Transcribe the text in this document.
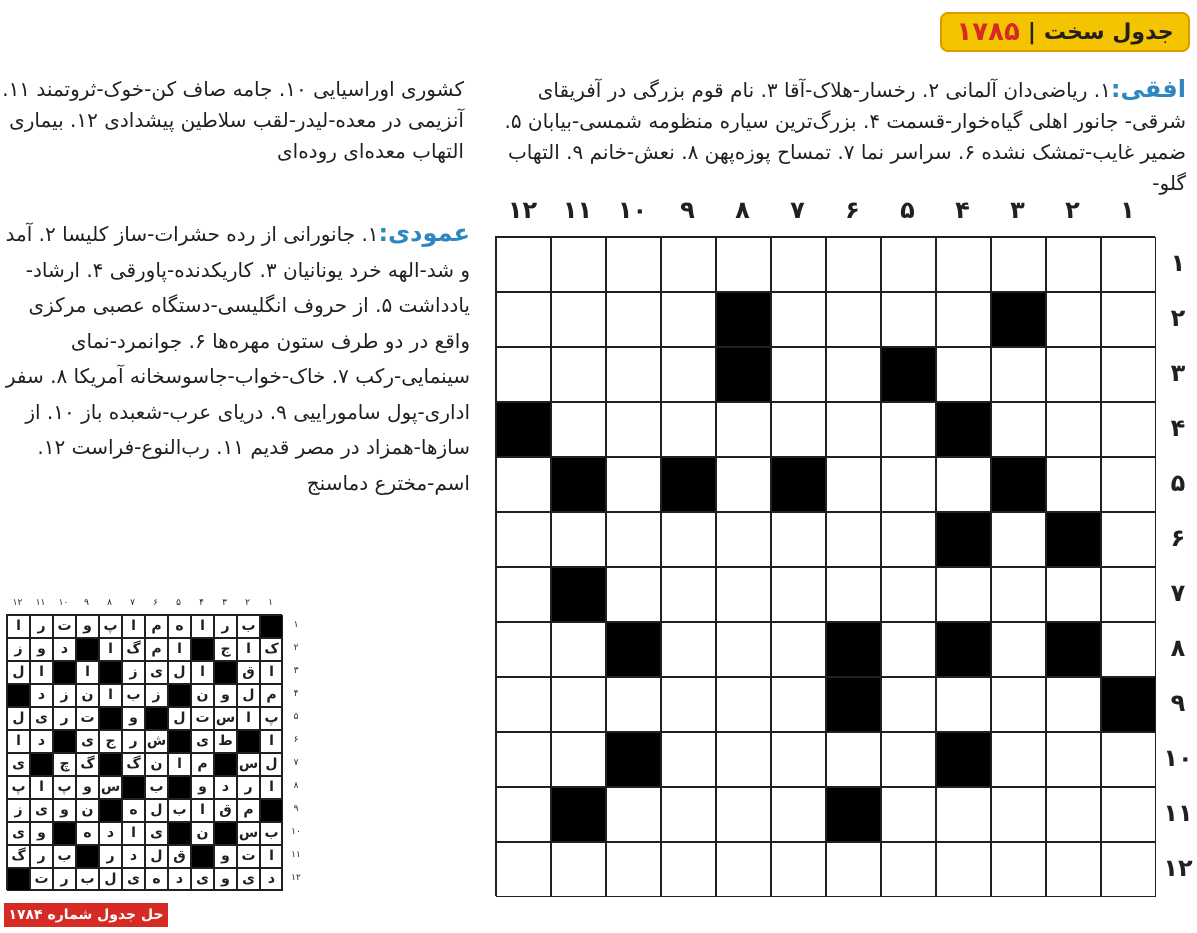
جدول سخت
|
۱۷۸۵

افقی:۱. ریاضی‌دان آلمانی ۲. رخسار-هلاک-آقا ۳. نام قوم بزرگی در آفریقای شرقی- جانور اهلی گیاه‌خوار-قسمت ۴. بزرگ‌ترین سیاره منظومه شمسی-بیابان ۵. ضمیر غایب-تمشک نشده ۶. سراسر نما ۷. تمساح پوزه‌پهن ۸. نعش-خانم ۹. التهاب گلو-

کشوری اوراسیایی ۱۰. جامه صاف کن-خوک-ثروتمند ۱۱. آنزیمی در معده-لیدر-لقب سلاطین پیشدادی ۱۲. بیماری التهاب معده‌ای روده‌ای

عمودی:۱. جانورانی از رده حشرات-ساز کلیسا ۲. آمد و شد-الهه خرد یونانیان ۳. کاریکدنده-پاورقی ۴. ارشاد-یادداشت ۵. از حروف انگلیسی-دستگاه عصبی مرکزی واقع در دو طرف ستون مهره‌ها ۶. جوانمرد-نمای سینمایی-رکب ۷. خاک-خواب-جاسوسخانه آمریکا ۸. سفر اداری-پول ساموراییی ۹. دریای عرب-شعبده باز ۱۰. از سازها-همزاد در مصر قدیم ۱۱. رب‌النوع-فراست ۱۲. اسم-مخترع دماسنج

۱
۲
۳
۴
۵
۶
۷
۸
۹
۱۰
۱۱
۱۲
۱
۲
۳
۴
۵
۶
۷
۸
۹
۱۰
۱۱
۱۲
۱
۲
۳
۴
۵
۶
۷
۸
۹
۱۰
۱۱
۱۲
۱
۲
۳
۴
۵
۶
۷
۸
۹
۱۰
۱۱
۱۲
ا	ر ت و پ ا	م ه	ا	ر ب
ز	و	د	ا گ م	ا	ج	ا ک
ل	ا	ا	ز ی ل	ا	ق	ا
د	ز ن	ا ب ز	ن و ل م
ل ی ر ت	و	ل ت س ا پ
ا	د	ی ج ر ش	ی ط	ا
ی	چ گ	گ ن	ا	م	س ل
پ ا پ و س	ب	و	د	ر	ا
ز ی و ن	ه ل ب ا	ق م
ی و	ه	د	ا	ی	ن	س ب
گ ر ب	ر	د ل ق	و ت ا
ت ر ب ل ی ه	د ی و ی د
حل جدول شماره ۱۷۸۴
